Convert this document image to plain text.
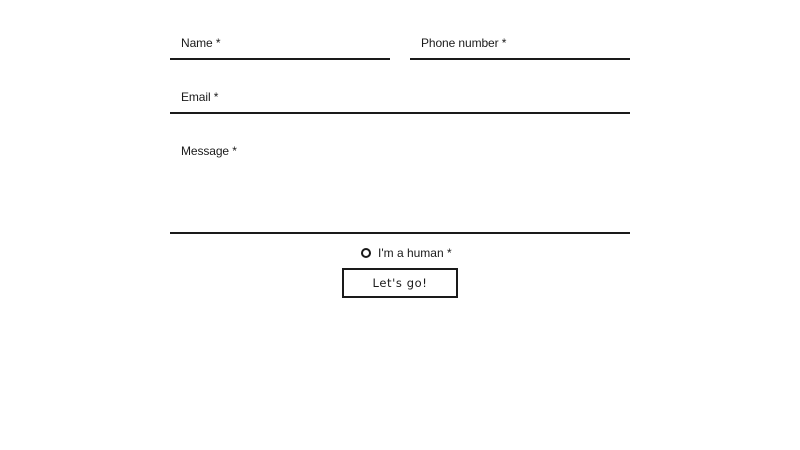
Name *	Phone number *
Email *
Message *
I'm a human *
Let's go!
